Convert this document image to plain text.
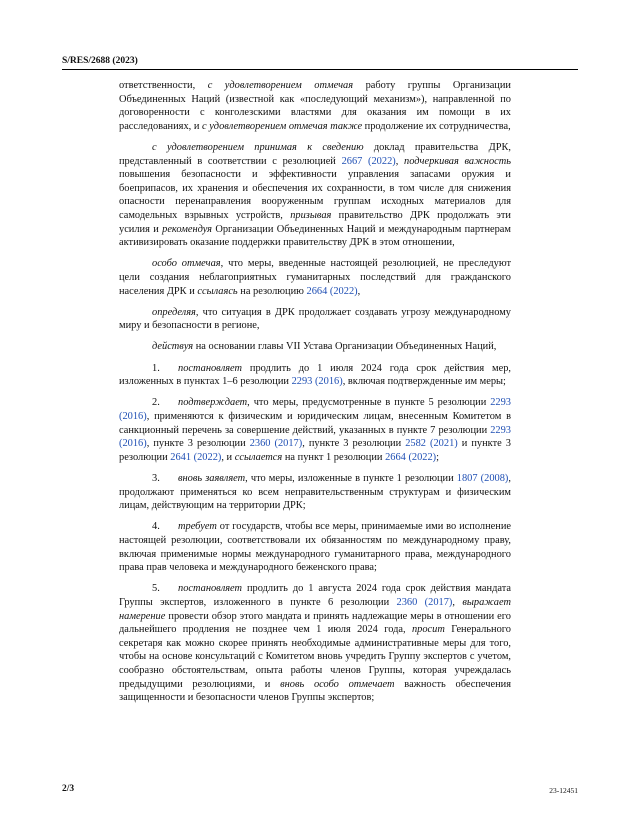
S/RES/2688 (2023)

ответственности, с удовлетворением отмечая работу группы Организации Объединенных Наций (известной как «последующий механизм»), направленной по договоренности с конголезскими властями для оказания им помощи в их расследованиях, и с удовлетворением отмечая также продолжение их сотрудничества,

с удовлетворением принимая к сведению доклад правительства ДРК, представленный в соответствии с резолюцией 2667 (2022), подчеркивая важность повышения безопасности и эффективности управления запасами оружия и боеприпасов, их хранения и обеспечения их сохранности, в том числе для снижения опасности перенаправления вооруженным группам исходных материалов для самодельных взрывных устройств, призывая правительство ДРК продолжать эти усилия и рекомендуя Организации Объединенных Наций и международным партнерам активизировать оказание поддержки правительству ДРК в этом отношении,

особо отмечая, что меры, введенные настоящей резолюцией, не преследуют цели создания неблагоприятных гуманитарных последствий для гражданского населения ДРК и ссылаясь на резолюцию 2664 (2022),

определяя, что ситуация в ДРК продолжает создавать угрозу международному миру и безопасности в регионе,

действуя на основании главы VII Устава Организации Объединенных Наций,

1. постановляет продлить до 1 июля 2024 года срок действия мер, изложенных в пунктах 1–6 резолюции 2293 (2016), включая подтвержденные им меры;

2. подтверждает, что меры, предусмотренные в пункте 5 резолюции 2293 (2016), применяются к физическим и юридическим лицам, внесенным Комитетом в санкционный перечень за совершение действий, указанных в пункте 7 резолюции 2293 (2016), пункте 3 резолюции 2360 (2017), пункте 3 резолюции 2582 (2021) и пункте 3 резолюции 2641 (2022), и ссылается на пункт 1 резолюции 2664 (2022);

3. вновь заявляет, что меры, изложенные в пункте 1 резолюции 1807 (2008), продолжают применяться ко всем неправительственным структурам и физическим лицам, действующим на территории ДРК;

4. требует от государств, чтобы все меры, принимаемые ими во исполнение настоящей резолюции, соответствовали их обязанностям по международному праву, включая применимые нормы международного гуманитарного права, международного права прав человека и международного беженского права;

5. постановляет продлить до 1 августа 2024 года срок действия мандата Группы экспертов, изложенного в пункте 6 резолюции 2360 (2017), выражает намерение провести обзор этого мандата и принять надлежащие меры в отношении его дальнейшего продления не позднее чем 1 июля 2024 года, просит Генерального секретаря как можно скорее принять необходимые административные меры для того, чтобы на основе консультаций с Комитетом вновь учредить Группу экспертов с учетом, сообразно обстоятельствам, опыта работы членов Группы, которая учреждалась предыдущими резолюциями, и вновь особо отмечает важность обеспечения защищенности и безопасности членов Группы экспертов;

2/3	23-12451
